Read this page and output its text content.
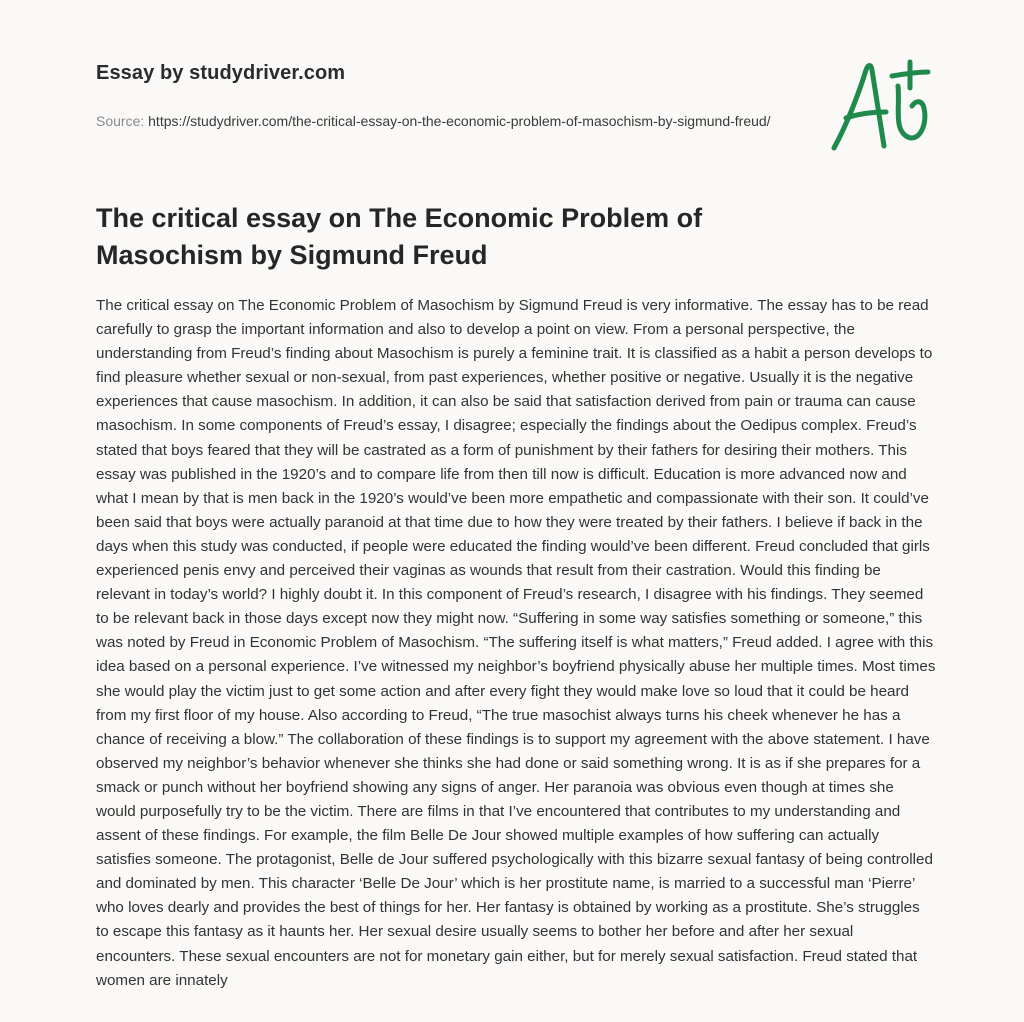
Essay by studydriver.com
Source: https://studydriver.com/the-critical-essay-on-the-economic-problem-of-masochism-by-sigmund-freud/
The critical essay on The Economic Problem of Masochism by Sigmund Freud

The critical essay on The Economic Problem of Masochism by Sigmund Freud is very informative. The essay has to be read carefully to grasp the important information and also to develop a point on view. From a personal perspective, the understanding from Freud’s finding about Masochism is purely a feminine trait. It is classified as a habit a person develops to find pleasure whether sexual or non-sexual, from past experiences, whether positive or negative. Usually it is the negative experiences that cause masochism. In addition, it can also be said that satisfaction derived from pain or trauma can cause masochism. In some components of Freud’s essay, I disagree; especially the findings about the Oedipus complex. Freud’s stated that boys feared that they will be castrated as a form of punishment by their fathers for desiring their mothers. This essay was published in the 1920’s and to compare life from then till now is difficult. Education is more advanced now and what I mean by that is men back in the 1920’s would’ve been more empathetic and compassionate with their son. It could’ve been said that boys were actually paranoid at that time due to how they were treated by their fathers. I believe if back in the days when this study was conducted, if people were educated the finding would’ve been different. Freud concluded that girls experienced penis envy and perceived their vaginas as wounds that result from their castration. Would this finding be relevant in today’s world? I highly doubt it. In this component of Freud’s research, I disagree with his findings. They seemed to be relevant back in those days except now they might now. “Suffering in some way satisfies something or someone,” this was noted by Freud in Economic Problem of Masochism. “The suffering itself is what matters,” Freud added. I agree with this idea based on a personal experience. I’ve witnessed my neighbor’s boyfriend physically abuse her multiple times. Most times she would play the victim just to get some action and after every fight they would make love so loud that it could be heard from my first floor of my house. Also according to Freud, “The true masochist always turns his cheek whenever he has a chance of receiving a blow.” The collaboration of these findings is to support my agreement with the above statement. I have observed my neighbor’s behavior whenever she thinks she had done or said something wrong. It is as if she prepares for a smack or punch without her boyfriend showing any signs of anger. Her paranoia was obvious even though at times she would purposefully try to be the victim. There are films in that I’ve encountered that contributes to my understanding and assent of these findings. For example, the film Belle De Jour showed multiple examples of how suffering can actually satisfies someone. The protagonist, Belle de Jour suffered psychologically with this bizarre sexual fantasy of being controlled and dominated by men. This character ‘Belle De Jour’ which is her prostitute name, is married to a successful man ‘Pierre’ who loves dearly and provides the best of things for her. Her fantasy is obtained by working as a prostitute. She’s struggles to escape this fantasy as it haunts her. Her sexual desire usually seems to bother her before and after her sexual encounters. These sexual encounters are not for monetary gain either, but for merely sexual satisfaction. Freud stated that women are innately
